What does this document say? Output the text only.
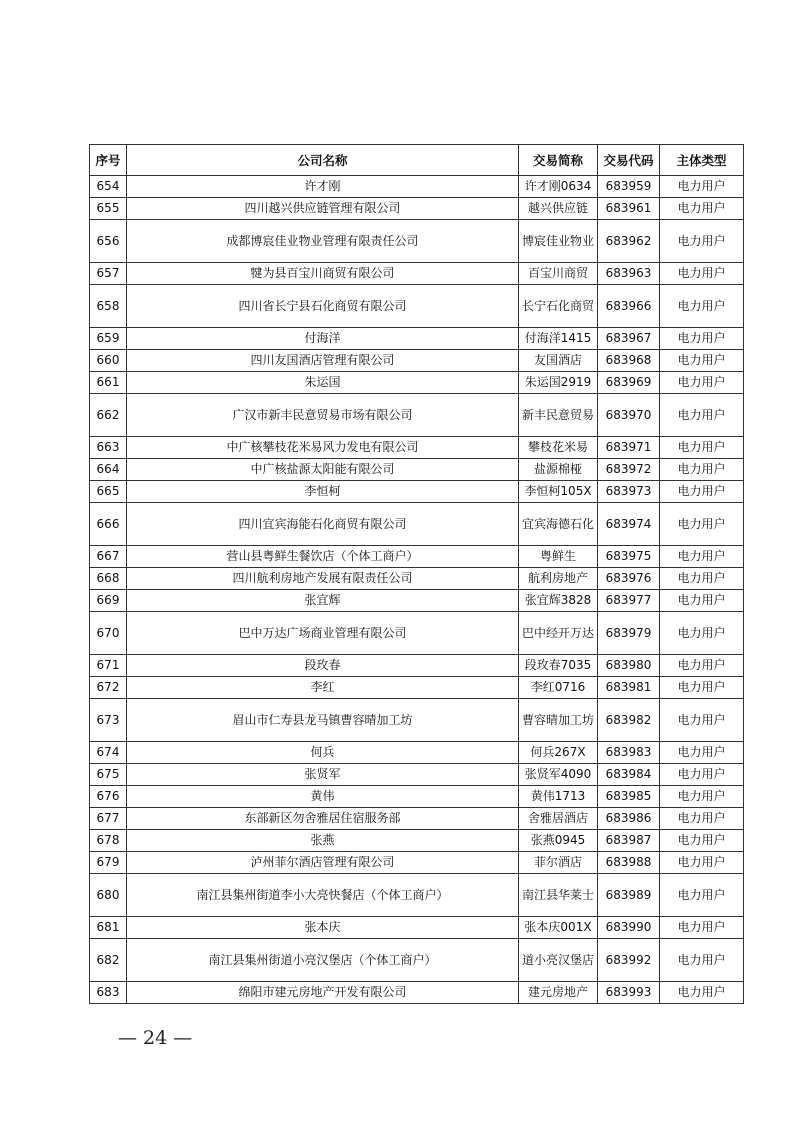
序号	公司名称	交易简称	交易代码	主体类型
654	许才刚	许才刚0634	683959	电力用户
655	四川越兴供应链管理有限公司	越兴供应链	683961	电力用户
656	成都博宸佳业物业管理有限责任公司	博宸佳业物业	683962	电力用户
657	犍为县百宝川商贸有限公司	百宝川商贸	683963	电力用户
658	四川省长宁县石化商贸有限公司	长宁石化商贸	683966	电力用户
659	付海洋	付海洋1415	683967	电力用户
660	四川友国酒店管理有限公司	友国酒店	683968	电力用户
661	朱运国	朱运国2919	683969	电力用户
662	广汉市新丰民意贸易市场有限公司	新丰民意贸易	683970	电力用户
663	中广核攀枝花米易风力发电有限公司	攀枝花米易	683971	电力用户
664	中广核盐源太阳能有限公司	盐源棉桠	683972	电力用户
665	李恒柯	李恒柯105X	683973	电力用户
666	四川宜宾海能石化商贸有限公司	宜宾海德石化	683974	电力用户
667	营山县粤鲜生餐饮店（个体工商户）	粤鲜生	683975	电力用户
668	四川航利房地产发展有限责任公司	航利房地产	683976	电力用户
669	张宜辉	张宜辉3828	683977	电力用户
670	巴中万达广场商业管理有限公司	巴中经开万达	683979	电力用户
671	段玫春	段玫春7035	683980	电力用户
672	李红	李红0716	683981	电力用户
673	眉山市仁寿县龙马镇曹容晴加工坊	曹容晴加工坊	683982	电力用户
674	何兵	何兵267X	683983	电力用户
675	张贤军	张贤军4090	683984	电力用户
676	黄伟	黄伟1713	683985	电力用户
677	东部新区勿舍雅居住宿服务部	舍雅居酒店	683986	电力用户
678	张燕	张燕0945	683987	电力用户
679	泸州菲尔酒店管理有限公司	菲尔酒店	683988	电力用户
680	南江县集州街道李小大亮快餐店（个体工商户）	南江县华莱士	683989	电力用户
681	张本庆	张本庆001X	683990	电力用户
682	南江县集州街道小亮汉堡店（个体工商户）	道小亮汉堡店	683992	电力用户
683	绵阳市建元房地产开发有限公司	建元房地产	683993	电力用户
— 24 —
